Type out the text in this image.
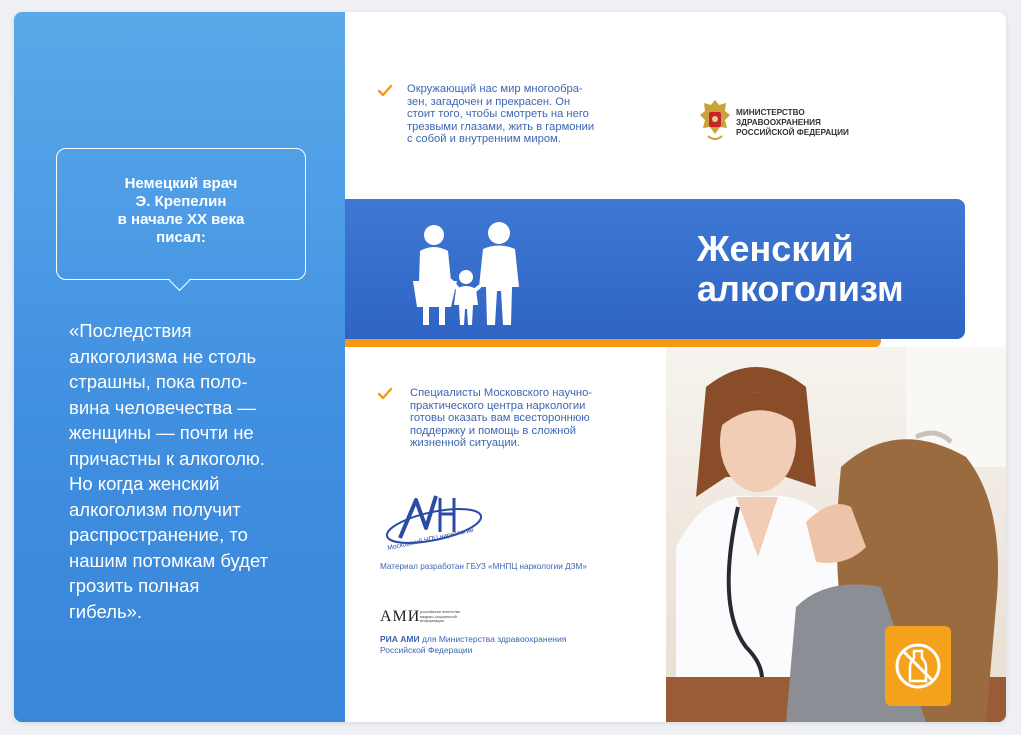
Немецкий врач
Э. Крепелин
в начале XX века
писал:
«Последствия
алкоголизма не столь
страшны, пока поло-
вина человечества —
женщины — почти не
причастны к алкоголю.
Но когда женский
алкоголизм получит
распространение, то
нашим потомкам будет
грозить полная
гибель».
Окружающий нас мир многообра-
зен, загадочен и прекрасен. Он
стоит того, чтобы смотреть на него
трезвыми глазами, жить в гармонии
с собой и внутренним миром.
МИНИСТЕРСТВО
ЗДРАВООХРАНЕНИЯ
РОССИЙСКОЙ ФЕДЕРАЦИИ
Женский
алкоголизм
Специалисты Московского научно-
практического центра наркологии
готовы оказать вам всестороннюю
поддержку и помощь в сложной
жизненной ситуации.
Московский НПЦ наркологии
Материал разработан ГБУЗ «МНПЦ наркологии ДЗМ»
АМИ российское агентство
медико-социальной
информации
РИА АМИ для Министерства здравоохранения
Российской Федерации
